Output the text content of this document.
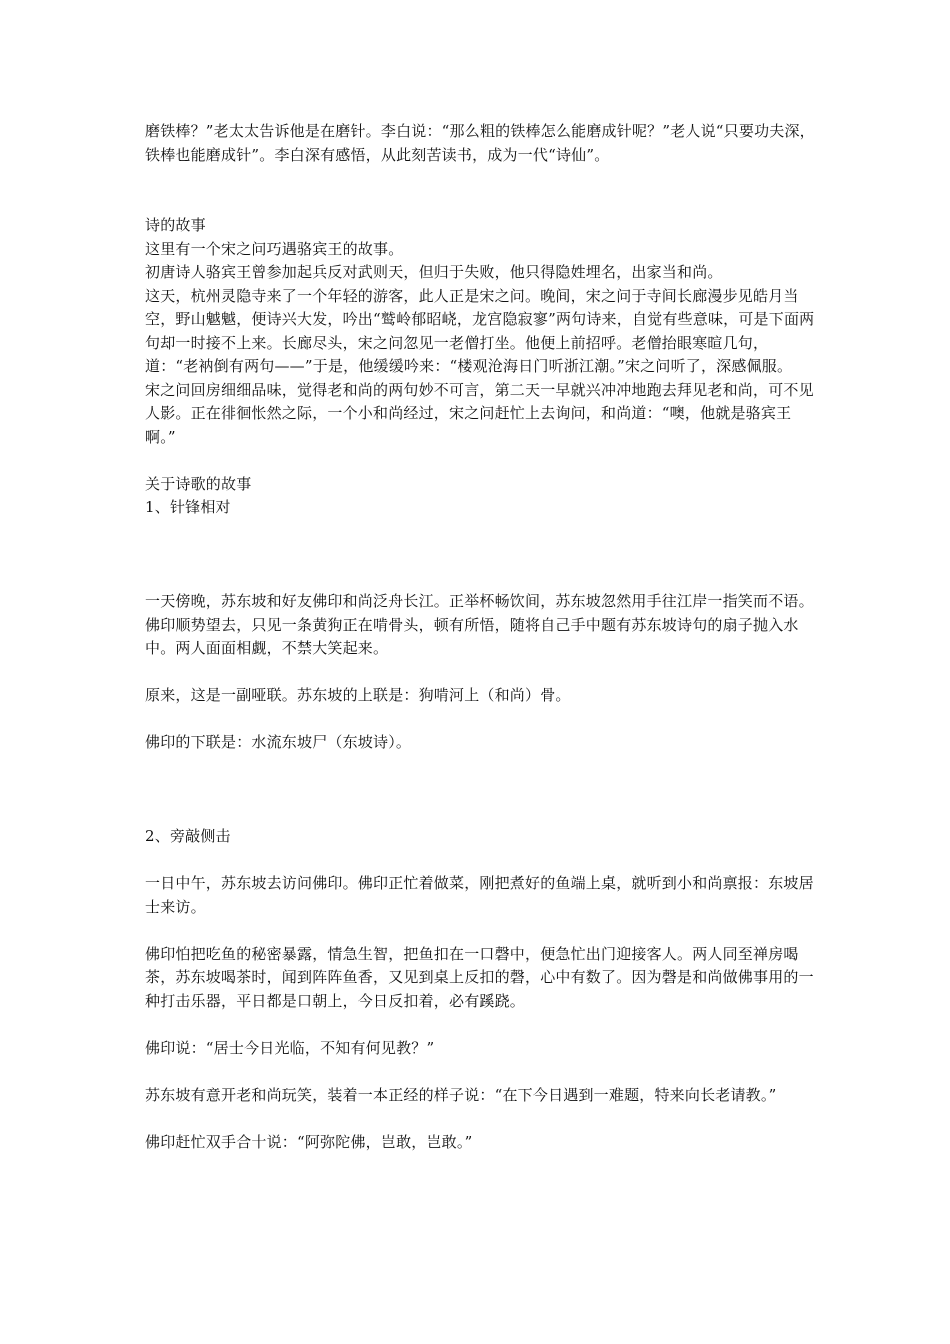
磨铁棒？”老太太告诉他是在磨针。李白说：“那么粗的铁棒怎么能磨成针呢？”老人说“只要功夫深，铁棒也能磨成针”。李白深有感悟，从此刻苦读书，成为一代“诗仙”。

诗的故事

这里有一个宋之问巧遇骆宾王的故事。

初唐诗人骆宾王曾参加起兵反对武则天，但归于失败，他只得隐姓埋名，出家当和尚。

这天，杭州灵隐寺来了一个年轻的游客，此人正是宋之问。晚间，宋之问于寺间长廊漫步见皓月当空，野山魆魆，便诗兴大发，吟出“鹫岭郁昭峣，龙宫隐寂寥”两句诗来，自觉有些意味，可是下面两句却一时接不上来。长廊尽头，宋之问忽见一老僧打坐。他便上前招呼。老僧抬眼寒暄几句，道：“老衲倒有两句——”于是，他缓缓吟来：“楼观沧海日门听浙江潮。”宋之问听了，深感佩服。

宋之问回房细细品味，觉得老和尚的两句妙不可言，第二天一早就兴冲冲地跑去拜见老和尚，可不见人影。正在徘徊怅然之际，一个小和尚经过，宋之问赶忙上去询问，和尚道：“噢，他就是骆宾王啊。”

关于诗歌的故事

1、针锋相对

一天傍晚，苏东坡和好友佛印和尚泛舟长江。正举杯畅饮间，苏东坡忽然用手往江岸一指笑而不语。佛印顺势望去，只见一条黄狗正在啃骨头，顿有所悟，随将自己手中题有苏东坡诗句的扇子抛入水中。两人面面相觑，不禁大笑起来。

原来，这是一副哑联。苏东坡的上联是：狗啃河上（和尚）骨。

佛印的下联是：水流东坡尸（东坡诗）。

2、旁敲侧击

一日中午，苏东坡去访问佛印。佛印正忙着做菜，刚把煮好的鱼端上桌，就听到小和尚禀报：东坡居士来访。

佛印怕把吃鱼的秘密暴露，情急生智，把鱼扣在一口磬中，便急忙出门迎接客人。两人同至禅房喝茶，苏东坡喝茶时，闻到阵阵鱼香，又见到桌上反扣的磬，心中有数了。因为磬是和尚做佛事用的一种打击乐器，平日都是口朝上，今日反扣着，必有蹊跷。

佛印说：“居士今日光临，不知有何见教？”

苏东坡有意开老和尚玩笑，装着一本正经的样子说：“在下今日遇到一难题，特来向长老请教。”

佛印赶忙双手合十说：“阿弥陀佛，岂敢，岂敢。”
